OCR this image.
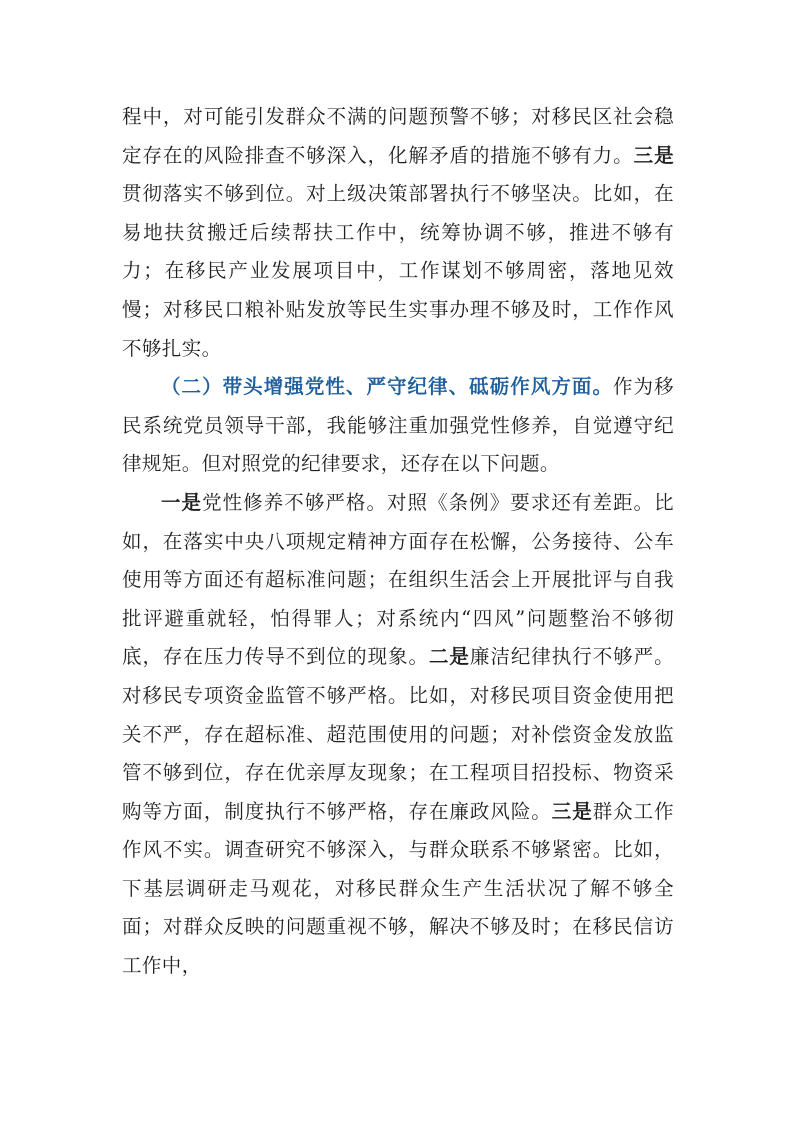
程中，对可能引发群众不满的问题预警不够；对移民区社会稳定存在的风险排查不够深入，化解矛盾的措施不够有力。三是贯彻落实不够到位。对上级决策部署执行不够坚决。比如，在易地扶贫搬迁后续帮扶工作中，统筹协调不够，推进不够有力；在移民产业发展项目中，工作谋划不够周密，落地见效慢；对移民口粮补贴发放等民生实事办理不够及时，工作作风不够扎实。

（二）带头增强党性、严守纪律、砥砺作风方面。作为移民系统党员领导干部，我能够注重加强党性修养，自觉遵守纪律规矩。但对照党的纪律要求，还存在以下问题。

一是党性修养不够严格。对照《条例》要求还有差距。比如，在落实中央八项规定精神方面存在松懈，公务接待、公车使用等方面还有超标准问题；在组织生活会上开展批评与自我批评避重就轻，怕得罪人；对系统内“四风”问题整治不够彻底，存在压力传导不到位的现象。二是廉洁纪律执行不够严。对移民专项资金监管不够严格。比如，对移民项目资金使用把关不严，存在超标准、超范围使用的问题；对补偿资金发放监管不够到位，存在优亲厚友现象；在工程项目招投标、物资采购等方面，制度执行不够严格，存在廉政风险。三是群众工作作风不实。调查研究不够深入，与群众联系不够紧密。比如，下基层调研走马观花，对移民群众生产生活状况了解不够全面；对群众反映的问题重视不够，解决不够及时；在移民信访工作中，
